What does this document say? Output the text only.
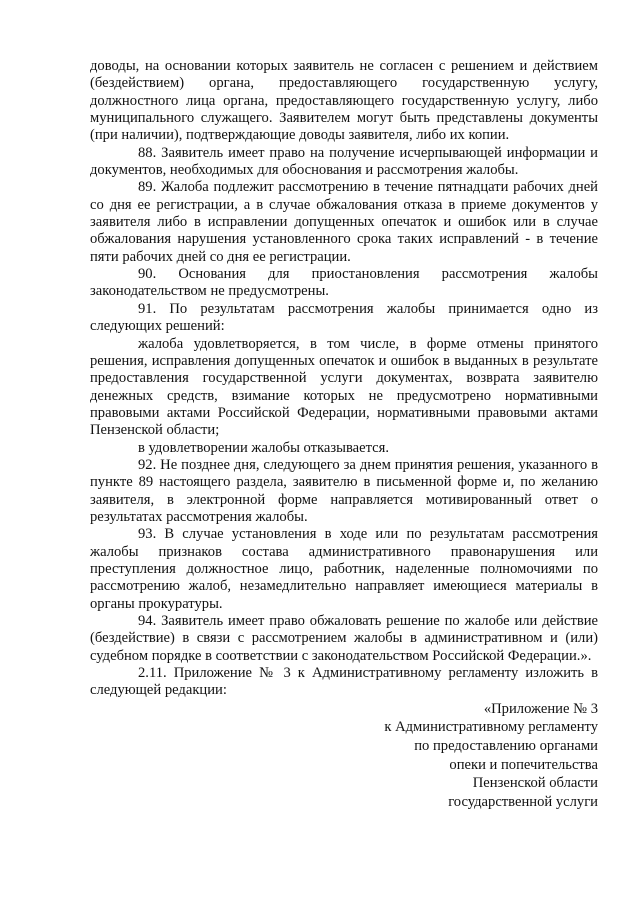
доводы, на основании которых заявитель не согласен с решением и действием (бездействием) органа, предоставляющего государственную услугу, должностного лица органа, предоставляющего государственную услугу, либо муниципального служащего. Заявителем могут быть представлены документы (при наличии), подтверждающие доводы заявителя, либо их копии.

88. Заявитель имеет право на получение исчерпывающей информации и документов, необходимых для обоснования и рассмотрения жалобы.

89. Жалоба подлежит рассмотрению в течение пятнадцати рабочих дней со дня ее регистрации, а в случае обжалования отказа в приеме документов у заявителя либо в исправлении допущенных опечаток и ошибок или в случае обжалования нарушения установленного срока таких исправлений - в течение пяти рабочих дней со дня ее регистрации.

90. Основания для приостановления рассмотрения жалобы законодательством не предусмотрены.

91. По результатам рассмотрения жалобы принимается одно из следующих решений:

жалоба удовлетворяется, в том числе, в форме отмены принятого решения, исправления допущенных опечаток и ошибок в выданных в результате предоставления государственной услуги документах, возврата заявителю денежных средств, взимание которых не предусмотрено нормативными правовыми актами Российской Федерации, нормативными правовыми актами Пензенской области;

в удовлетворении жалобы отказывается.

92. Не позднее дня, следующего за днем принятия решения, указанного в пункте 89 настоящего раздела, заявителю в письменной форме и, по желанию заявителя, в электронной форме направляется мотивированный ответ о результатах рассмотрения жалобы.

93. В случае установления в ходе или по результатам рассмотрения жалобы признаков состава административного правонарушения или преступления должностное лицо, работник, наделенные полномочиями по рассмотрению жалоб, незамедлительно направляет имеющиеся материалы в органы прокуратуры.

94. Заявитель имеет право обжаловать решение по жалобе или действие (бездействие) в связи с рассмотрением жалобы в административном и (или) судебном порядке в соответствии с законодательством Российской Федерации.».

2.11. Приложение № 3 к Административному регламенту изложить в следующей редакции:

«Приложение № 3
к Административному регламенту
по предоставлению органами
опеки и попечительства
Пензенской области
государственной услуги
